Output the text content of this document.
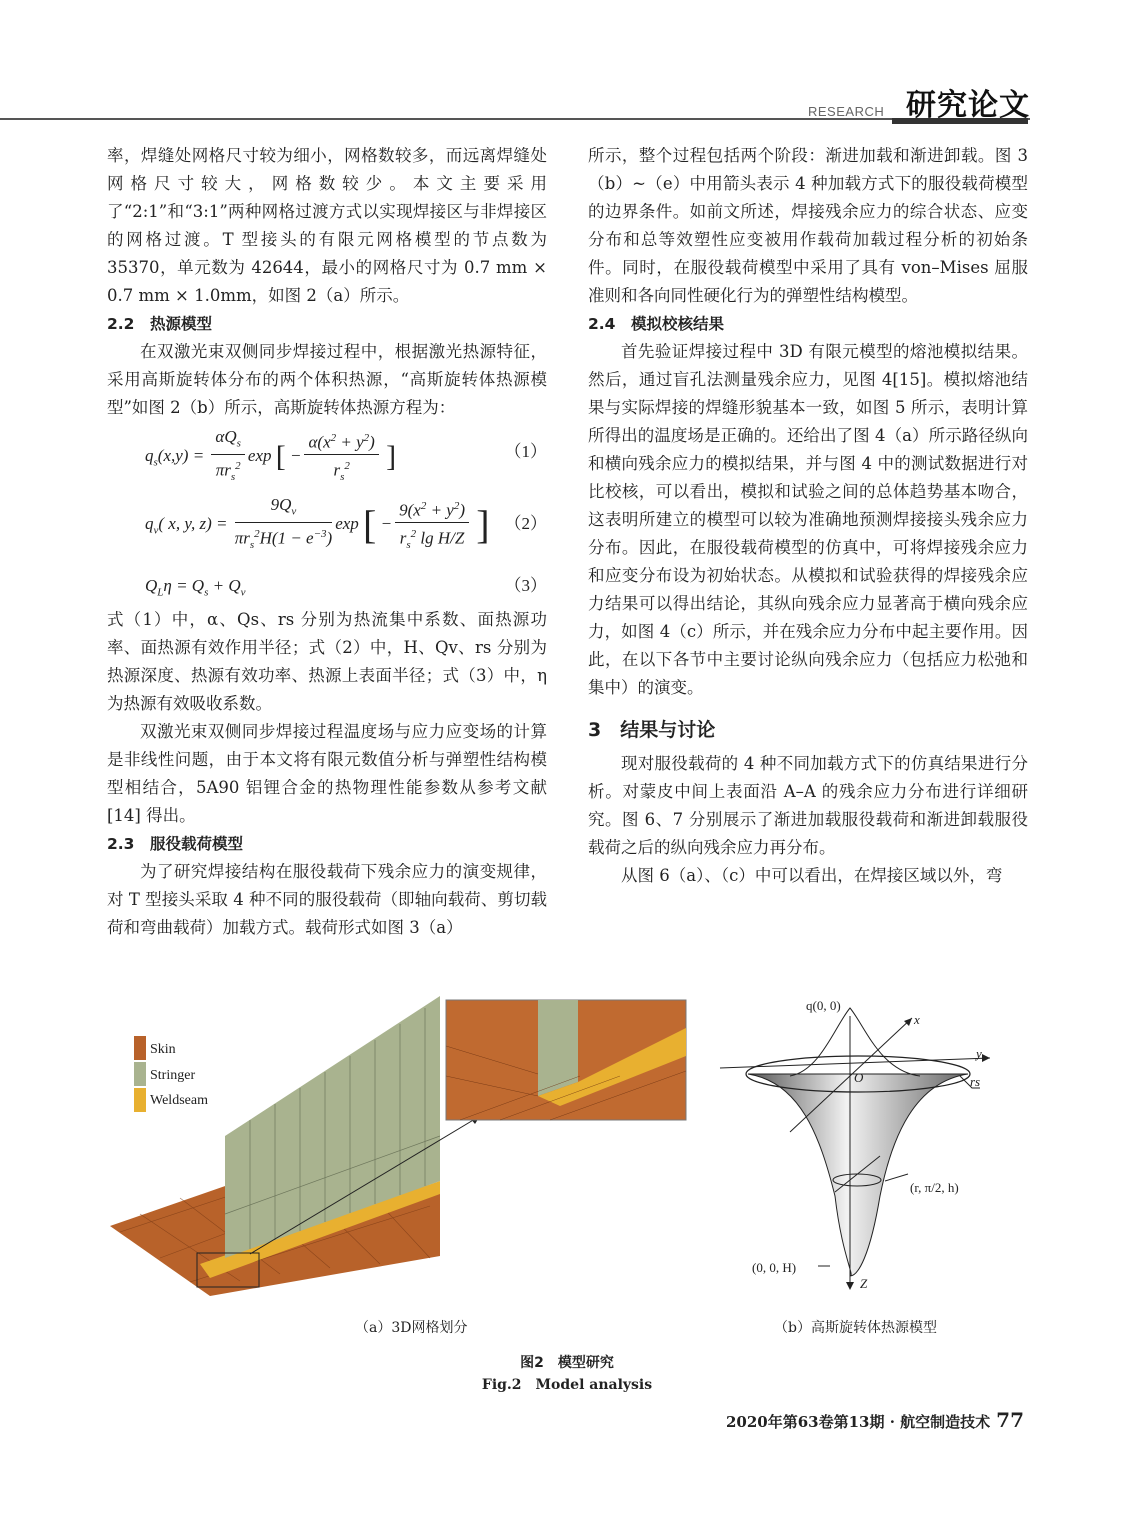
RESEARCH 研究论文

率，焊缝处网格尺寸较为细小，网格数较多，而远离焊缝处网格尺寸较大，网格数较少。本文主要采用了“2:1”和“3:1”两种网格过渡方式以实现焊接区与非焊接区的网格过渡。T 型接头的有限元网格模型的节点数为 35370，单元数为 42644，最小的网格尺寸为 0.7 mm × 0.7 mm × 1.0mm，如图 2（a）所示。

2.2　热源模型

在双激光束双侧同步焊接过程中，根据激光热源特征，采用高斯旋转体分布的两个体积热源，“高斯旋转体热源模型”如图 2（b）所示，高斯旋转体热源方程为：

$q_s(x,y) = \frac{\alpha Q_s}{\pi r_s^2}$ exp [ − $\frac{\alpha(x^2 + y^2)}{r_s^2}$ ]	（1）
$q_v$( x, y, $z) = \frac{9Q_v}{\pi r_s^2H(1 - e^{-3})}$ exp [ − $\frac{9(x^2 + y^2)}{r_s^2 \lg H/Z}$ ] （2）
$Q_L\eta = Q_s + Q_v$	（3）

式（1）中，α、Qs、rs 分别为热流集中系数、面热源功率、面热源有效作用半径；式（2）中，H、Qv、rs 分别为热源深度、热源有效功率、热源上表面半径；式（3）中，η 为热源有效吸收系数。

双激光束双侧同步焊接过程温度场与应力应变场的计算是非线性问题，由于本文将有限元数值分析与弹塑性结构模型相结合，5A90 铝锂合金的热物理性能参数从参考文献 [14] 得出。

2.3　服役载荷模型

为了研究焊接结构在服役载荷下残余应力的演变规律，对 T 型接头采取 4 种不同的服役载荷（即轴向载荷、剪切载荷和弯曲载荷）加载方式。载荷形式如图 3（a）

所示，整个过程包括两个阶段：渐进加载和渐进卸载。图 3（b）~（e）中用箭头表示 4 种加载方式下的服役载荷模型的边界条件。如前文所述，焊接残余应力的综合状态、应变分布和总等效塑性应变被用作载荷加载过程分析的初始条件。同时，在服役载荷模型中采用了具有 von–Mises 屈服准则和各向同性硬化行为的弹塑性结构模型。

2.4　模拟校核结果

首先验证焊接过程中 3D 有限元模型的熔池模拟结果。然后，通过盲孔法测量残余应力，见图 4[15]。模拟熔池结果与实际焊接的焊缝形貌基本一致，如图 5 所示，表明计算所得出的温度场是正确的。还给出了图 4（a）所示路径纵向和横向残余应力的模拟结果，并与图 4 中的测试数据进行对比校核，可以看出，模拟和试验之间的总体趋势基本吻合，这表明所建立的模型可以较为准确地预测焊接接头残余应力分布。因此，在服役载荷模型的仿真中，可将焊接残余应力和应变分布设为初始状态。从模拟和试验获得的焊接残余应力结果可以得出结论，其纵向残余应力显著高于横向残余应力，如图 4（c）所示，并在残余应力分布中起主要作用。因此，在以下各节中主要讨论纵向残余应力（包括应力松弛和集中）的演变。

3　结果与讨论

现对服役载荷的 4 种不同加载方式下的仿真结果进行分析。对蒙皮中间上表面沿 A–A 的残余应力分布进行详细研究。图 6、7 分别展示了渐进加载服役载荷和渐进卸载服役载荷之后的纵向残余应力再分布。

从图 6（a）、（c）中可以看出，在焊接区域以外，弯

Skin
Stringer
Weldseam
q(0, 0)
x
y
O	rs
(r, π/2, h)
(0, 0, H)
Z
（a）3D网格划分	（b）高斯旋转体热源模型
图2　模型研究
Fig.2　Model analysis
2020年第63卷第13期 · 航空制造技术 77
